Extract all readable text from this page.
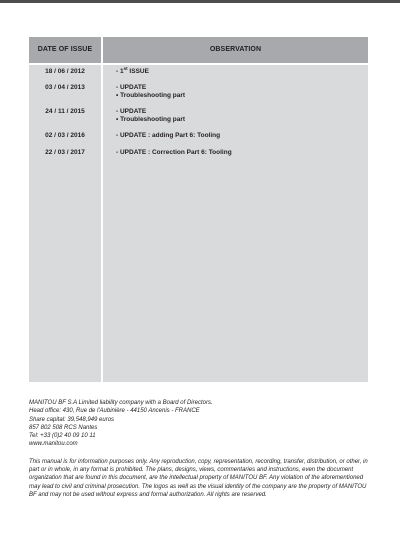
DATE OF ISSUE	OBSERVATION
18 / 06 / 2012	- 1st ISSUE
03 / 04 / 2013	- UPDATE
• Troubleshooting part
24 / 11 / 2015	- UPDATE
• Troubleshooting part
02 / 03 / 2016	- UPDATE : adding Part 6: Tooling
22 / 03 / 2017	- UPDATE : Correction Part 6: Tooling
MANITOU BF S.A Limited liability company with a Board of Directors.
Head office: 430, Rue de l'Aubinière - 44150 Ancenis - FRANCE
Share capital: 39,548,949 euros
857 802 508 RCS Nantes
Tel: +33 (0)2 40 09 10 11
www.manitou.com
This manual is for information purposes only. Any reproduction, copy, representation, recording, transfer, distribution, or other, in part or in whole, in any format is prohibited. The plans, designs, views, commentaries and instructions, even the document organization that are found in this document, are the intellectual property of MANITOU BF. Any violation of the aforementioned may lead to civil and criminal prosecution. The logos as well as the visual identity of the company are the property of MANITOU BF and may not be used without express and formal authorization. All rights are reserved.
